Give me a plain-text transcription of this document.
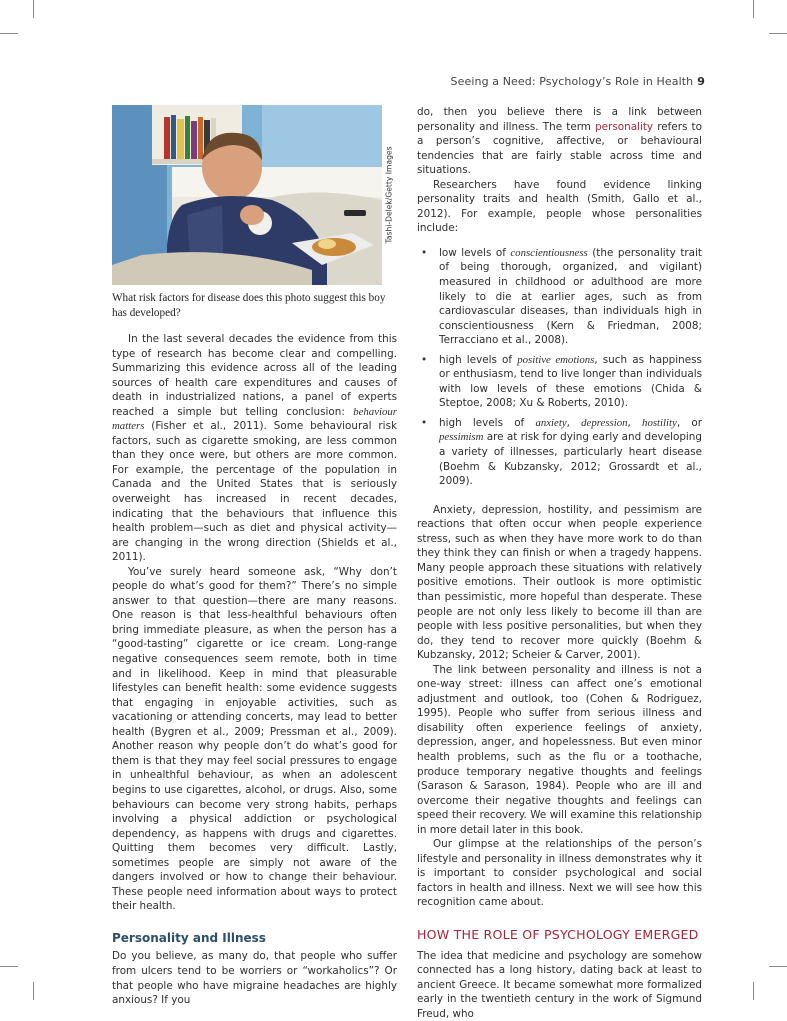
Seeing a Need: Psychology’s Role in Health 9
Tashi-Delek/Getty Images
What risk factors for disease does this photo suggest this boy has developed?

In the last several decades the evidence from this type of research has become clear and compelling. Summarizing this evidence across all of the leading sources of health care expenditures and causes of death in industrialized nations, a panel of experts reached a simple but telling conclusion: behaviour matters (Fisher et al., 2011). Some behavioural risk factors, such as cigarette smoking, are less common than they once were, but others are more common. For example, the percentage of the population in Canada and the United States that is seriously overweight has increased in recent decades, indicating that the behaviours that influence this health problem—such as diet and physical activity—are changing in the wrong direction (Shields et al., 2011).

You’ve surely heard someone ask, “Why don’t people do what’s good for them?” There’s no simple answer to that question—there are many reasons. One reason is that less-healthful behaviours often bring immediate pleasure, as when the person has a “good-tasting” cigarette or ice cream. Long-range negative consequences seem remote, both in time and in likelihood. Keep in mind that pleasurable lifestyles can benefit health: some evidence suggests that engaging in enjoyable activities, such as vacationing or attending concerts, may lead to better health (Bygren et al., 2009; Pressman et al., 2009). Another reason why people don’t do what’s good for them is that they may feel social pressures to engage in unhealthful behaviour, as when an adolescent begins to use cigarettes, alcohol, or drugs. Also, some behaviours can become very strong habits, perhaps involving a physical addiction or psychological dependency, as happens with drugs and cigarettes. Quitting them becomes very difficult. Lastly, sometimes people are simply not aware of the dangers involved or how to change their behaviour. These people need information about ways to protect their health.

Personality and Illness

Do you believe, as many do, that people who suffer from ulcers tend to be worriers or “workaholics”? Or that people who have migraine headaches are highly anxious? If you

do, then you believe there is a link between personality and illness. The term personality refers to a person’s cognitive, affective, or behavioural tendencies that are fairly stable across time and situations.

Researchers have found evidence linking personality traits and health (Smith, Gallo et al., 2012). For example, people whose personalities include:

• low levels of conscientiousness (the personality trait of being thorough, organized, and vigilant) measured in childhood or adulthood are more likely to die at earlier ages, such as from cardiovascular diseases, than individuals high in conscientiousness (Kern & Friedman, 2008; Terracciano et al., 2008).
• high levels of positive emotions, such as happiness or enthusiasm, tend to live longer than individuals with low levels of these emotions (Chida & Steptoe, 2008; Xu & Roberts, 2010).
• high levels of anxiety, depression, hostility, or pessimism are at risk for dying early and developing a variety of illnesses, particularly heart disease (Boehm & Kubzansky, 2012; Grossardt et al., 2009).

Anxiety, depression, hostility, and pessimism are reactions that often occur when people experience stress, such as when they have more work to do than they think they can finish or when a tragedy happens. Many people approach these situations with relatively positive emotions. Their outlook is more optimistic than pessimistic, more hopeful than desperate. These people are not only less likely to become ill than are people with less positive personalities, but when they do, they tend to recover more quickly (Boehm & Kubzansky, 2012; Scheier & Carver, 2001).

The link between personality and illness is not a one-way street: illness can affect one’s emotional adjustment and outlook, too (Cohen & Rodriguez, 1995). People who suffer from serious illness and disability often experience feelings of anxiety, depression, anger, and hopelessness. But even minor health problems, such as the flu or a toothache, produce temporary negative thoughts and feelings (Sarason & Sarason, 1984). People who are ill and overcome their negative thoughts and feelings can speed their recovery. We will examine this relationship in more detail later in this book.

Our glimpse at the relationships of the person’s lifestyle and personality in illness demonstrates why it is important to consider psychological and social factors in health and illness. Next we will see how this recognition came about.

HOW THE ROLE OF PSYCHOLOGY EMERGED

The idea that medicine and psychology are somehow connected has a long history, dating back at least to ancient Greece. It became somewhat more formalized early in the twentieth century in the work of Sigmund Freud, who
